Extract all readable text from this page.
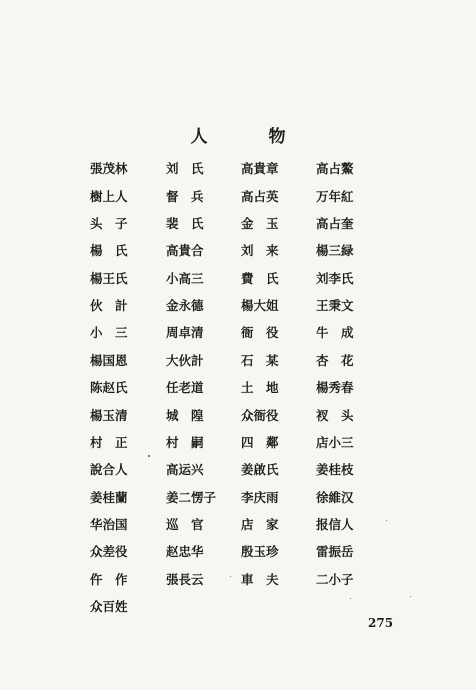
人　物
張茂林	刘　氏	高貴章	高占鰲
樹上人	督　兵	高占英	万年紅
头　子	裴　氏	金　玉	高占奎
楊　氏	高貴合	刘　来	楊三緑
楊王氏	小高三	費　氏	刘李氏
伙　計	金永德	楊大姐	王秉文
小　三	周卓清	衙　役	牛　成
楊国恩	大伙計	石　某	杏　花
陈赵氏	任老道	土　地	楊秀春
楊玉清	城　隍	众衙役	衩　头
村　正	村　嗣	四　鄰	店小三
說合人	高运兴	姜啟氏	姜桂枝
姜桂蘭	姜二愣子	李庆雨	徐維汉
华治国	巡　官	店　家	报信人
众差役	赵忠华	殷玉珍	雷振岳
仵　作	張長云	車　夫	二小子
众百姓
275
